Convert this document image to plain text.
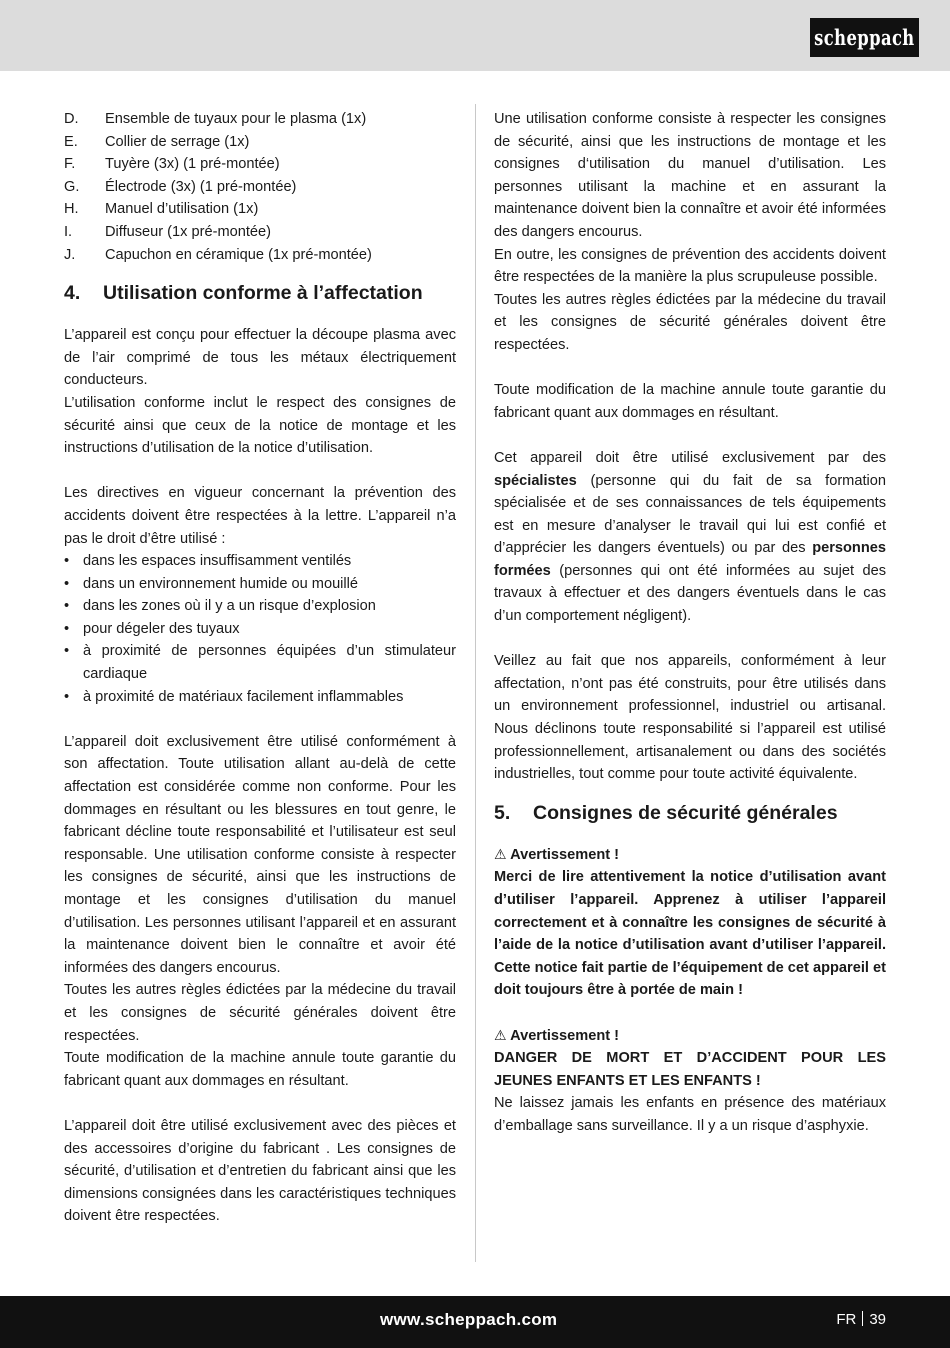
scheppach
D.	Ensemble de tuyaux pour le plasma (1x)
E.	Collier de serrage (1x)
F.	Tuyère (3x) (1 pré-montée)
G.	Électrode (3x) (1 pré-montée)
H.	Manuel d’utilisation (1x)
I.	Diffuseur (1x pré-montée)
J.	Capuchon en céramique (1x pré-montée)
4.	Utilisation conforme à l’affectation

L’appareil est conçu pour effectuer la découpe plasma avec de l’air comprimé de tous les métaux électriquement conducteurs.

L’utilisation conforme inclut le respect des consignes de sécurité ainsi que ceux de la notice de montage et les instructions d’utilisation de la notice d’utilisation.

Les directives en vigueur concernant la prévention des accidents doivent être respectées à la lettre. L’appareil n’a pas le droit d’être utilisé :

• dans les espaces insuffisamment ventilés
• dans un environnement humide ou mouillé
• dans les zones où il y a un risque d’explosion
• pour dégeler des tuyaux
• à proximité de personnes équipées d’un stimulateur cardiaque
• à proximité de matériaux facilement inflammables

L’appareil doit exclusivement être utilisé conformément à son affectation. Toute utilisation allant au-delà de cette affectation est considérée comme non conforme. Pour les dommages en résultant ou les blessures en tout genre, le fabricant décline toute responsabilité et l’utilisateur est seul responsable. Une utilisation conforme consiste à respecter les consignes de sécurité, ainsi que les instructions de montage et les consignes d’utilisation du manuel d’utilisation. Les personnes utilisant l’appareil et en assurant la maintenance doivent bien le connaître et avoir été informées des dangers encourus.

Toutes les autres règles édictées par la médecine du travail et les consignes de sécurité générales doivent être respectées.

Toute modification de la machine annule toute garantie du fabricant quant aux dommages en résultant.

L’appareil doit être utilisé exclusivement avec des pièces et des accessoires d’origine du fabricant . Les consignes de sécurité, d’utilisation et d’entretien du fabricant ainsi que les dimensions consignées dans les caractéristiques techniques doivent être respectées.

Une utilisation conforme consiste à respecter les consignes de sécurité, ainsi que les instructions de montage et les consignes d‘utilisation du manuel d’utilisation. Les personnes utilisant la machine et en assurant la maintenance doivent bien la connaître et avoir été informées des dangers encourus.

En outre, les consignes de prévention des accidents doivent être respectées de la manière la plus scrupuleuse possible.

Toutes les autres règles édictées par la médecine du travail et les consignes de sécurité générales doivent être respectées.

Toute modification de la machine annule toute garantie du fabricant quant aux dommages en résultant.

Cet appareil doit être utilisé exclusivement par des spécialistes (personne qui du fait de sa formation spécialisée et de ses connaissances de tels équipements est en mesure d’analyser le travail qui lui est confié et d’apprécier les dangers éventuels) ou par des personnes formées (personnes qui ont été informées au sujet des travaux à effectuer et des dangers éventuels dans le cas d’un comportement négligent).

Veillez au fait que nos appareils, conformément à leur affectation, n’ont pas été construits, pour être utilisés dans un environnement professionnel, industriel ou artisanal. Nous déclinons toute responsabilité si l’appareil est utilisé professionnellement, artisanalement ou dans des sociétés industrielles, tout comme pour toute activité équivalente.

5.	Consignes de sécurité générales

⚠ Avertissement !

Merci de lire attentivement la notice d’utilisation avant d’utiliser l’appareil. Apprenez à utiliser l’appareil correctement et à connaître les consignes de sécurité à l’aide de la notice d’utilisation avant d’utiliser l’appareil. Cette notice fait partie de l’équipement de cet appareil et doit toujours être à portée de main !

⚠ Avertissement !

DANGER DE MORT ET D’ACCIDENT POUR LES JEUNES ENFANTS ET LES ENFANTS !

Ne laissez jamais les enfants en présence des matériaux d’emballage sans surveillance. Il y a un risque d’asphyxie.

www.scheppach.com	FR 39
